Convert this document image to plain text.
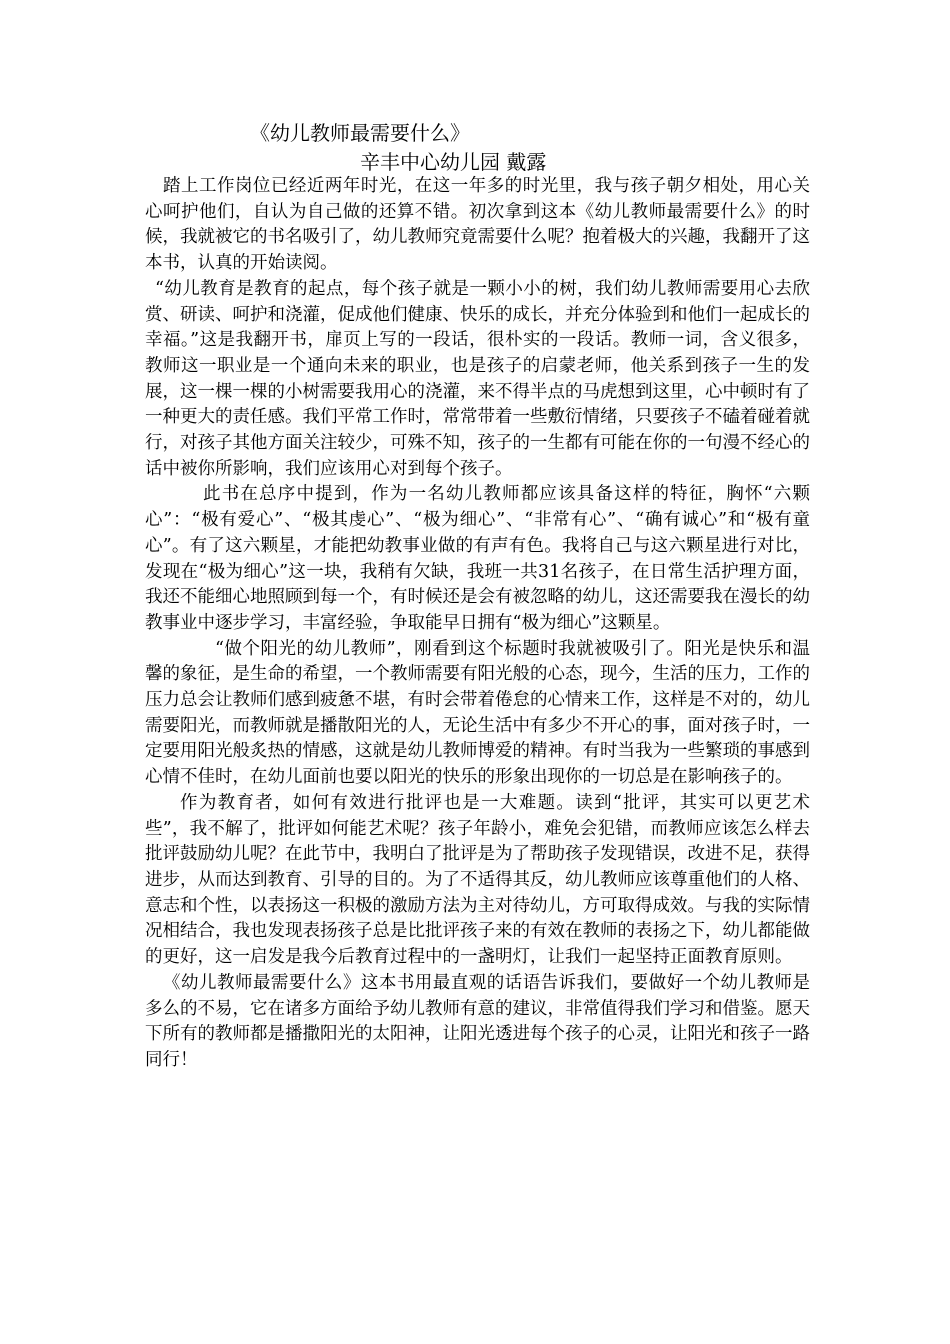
《幼儿教师最需要什么》
辛丰中心幼儿园 戴露

踏上工作岗位已经近两年时光，在这一年多的时光里，我与孩子朝夕相处，用心关心呵护他们，自认为自己做的还算不错。初次拿到这本《幼儿教师最需要什么》的时候，我就被它的书名吸引了，幼儿教师究竟需要什么呢？抱着极大的兴趣，我翻开了这本书，认真的开始读阅。

“幼儿教育是教育的起点，每个孩子就是一颗小小的树，我们幼儿教师需要用心去欣赏、研读、呵护和浇灌，促成他们健康、快乐的成长，并充分体验到和他们一起成长的幸福。”这是我翻开书，扉页上写的一段话，很朴实的一段话。教师一词，含义很多，教师这一职业是一个通向未来的职业，也是孩子的启蒙老师，他关系到孩子一生的发展，这一棵一棵的小树需要我用心的浇灌，来不得半点的马虎想到这里，心中顿时有了一种更大的责任感。我们平常工作时，常常带着一些敷衍情绪，只要孩子不磕着碰着就行，对孩子其他方面关注较少，可殊不知，孩子的一生都有可能在你的一句漫不经心的话中被你所影响，我们应该用心对到每个孩子。

此书在总序中提到，作为一名幼儿教师都应该具备这样的特征，胸怀“六颗心”：“极有爱心”、“极其虔心”、“极为细心”、“非常有心”、“确有诚心”和“极有童心”。有了这六颗星，才能把幼教事业做的有声有色。我将自己与这六颗星进行对比，发现在“极为细心”这一块，我稍有欠缺，我班一共31名孩子，在日常生活护理方面，我还不能细心地照顾到每一个，有时候还是会有被忽略的幼儿，这还需要我在漫长的幼教事业中逐步学习，丰富经验，争取能早日拥有“极为细心”这颗星。

“做个阳光的幼儿教师”，刚看到这个标题时我就被吸引了。阳光是快乐和温馨的象征，是生命的希望，一个教师需要有阳光般的心态，现今，生活的压力，工作的压力总会让教师们感到疲惫不堪，有时会带着倦怠的心情来工作，这样是不对的，幼儿需要阳光，而教师就是播散阳光的人，无论生活中有多少不开心的事，面对孩子时，一定要用阳光般炙热的情感，这就是幼儿教师博爱的精神。有时当我为一些繁琐的事感到心情不佳时，在幼儿面前也要以阳光的快乐的形象出现你的一切总是在影响孩子的。

作为教育者，如何有效进行批评也是一大难题。读到“批评，其实可以更艺术些”，我不解了，批评如何能艺术呢？孩子年龄小，难免会犯错，而教师应该怎么样去批评鼓励幼儿呢？在此节中，我明白了批评是为了帮助孩子发现错误，改进不足，获得进步，从而达到教育、引导的目的。为了不适得其反，幼儿教师应该尊重他们的人格、意志和个性，以表扬这一积极的激励方法为主对待幼儿，方可取得成效。与我的实际情况相结合，我也发现表扬孩子总是比批评孩子来的有效在教师的表扬之下，幼儿都能做的更好，这一启发是我今后教育过程中的一盏明灯，让我们一起坚持正面教育原则。

《幼儿教师最需要什么》这本书用最直观的话语告诉我们，要做好一个幼儿教师是多么的不易，它在诸多方面给予幼儿教师有意的建议，非常值得我们学习和借鉴。愿天下所有的教师都是播撒阳光的太阳神，让阳光透进每个孩子的心灵，让阳光和孩子一路同行！
